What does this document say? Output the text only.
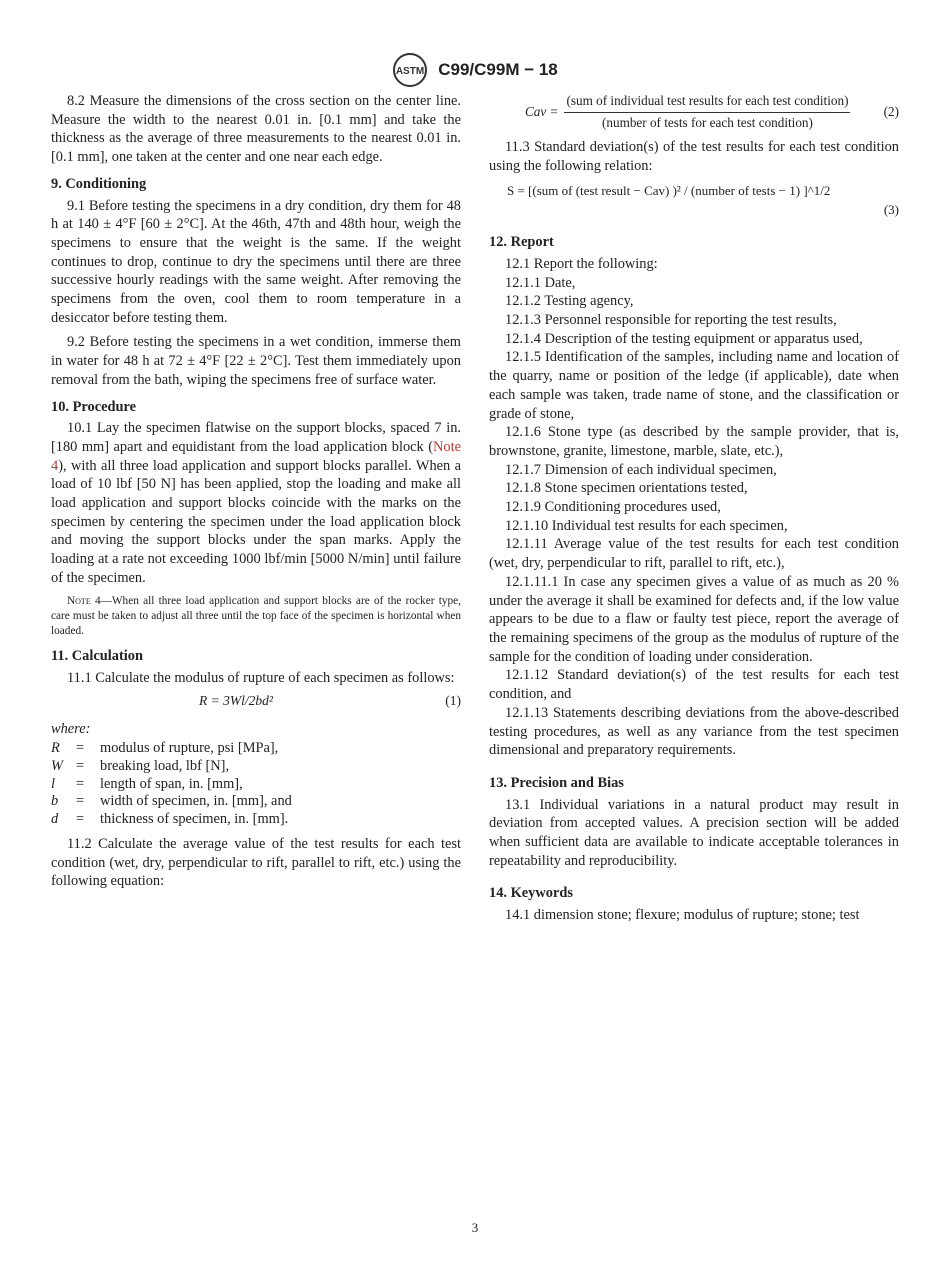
ASTM C99/C99M − 18

8.2 Measure the dimensions of the cross section on the center line. Measure the width to the nearest 0.01 in. [0.1 mm] and take the thickness as the average of three measurements to the nearest 0.01 in. [0.1 mm], one taken at the center and one near each edge.

9. Conditioning

9.1 Before testing the specimens in a dry condition, dry them for 48 h at 140 ± 4°F [60 ± 2°C]. At the 46th, 47th and 48th hour, weigh the specimens to ensure that the weight is the same. If the weight continues to drop, continue to dry the specimens until there are three successive hourly readings with the same weight. After removing the specimens from the oven, cool them to room temperature in a desiccator before testing them.

9.2 Before testing the specimens in a wet condition, immerse them in water for 48 h at 72 ± 4°F [22 ± 2°C]. Test them immediately upon removal from the bath, wiping the specimens free of surface water.

10. Procedure

10.1 Lay the specimen flatwise on the support blocks, spaced 7 in. [180 mm] apart and equidistant from the load application block (Note 4), with all three load application and support blocks parallel. When a load of 10 lbf [50 N] has been applied, stop the loading and make all load application and support blocks coincide with the marks on the specimen by centering the specimen under the load application block and moving the support blocks under the span marks. Apply the loading at a rate not exceeding 1000 lbf/min [5000 N/min] until failure of the specimen.

Note 4—When all three load application and support blocks are of the rocker type, care must be taken to adjust all three until the top face of the specimen is horizontal when loaded.
11. Calculation

11.1 Calculate the modulus of rupture of each specimen as follows:

R = 3Wl/2bd²	(1)
where:
R	=	modulus of rupture, psi [MPa],
W	=	breaking load, lbf [N],
l	=	length of span, in. [mm],
b	=	width of specimen, in. [mm], and
d	=	thickness of specimen, in. [mm].

11.2 Calculate the average value of the test results for each test condition (wet, dry, perpendicular to rift, parallel to rift, etc.) using the following equation:

Cav =
(sum of individual test results for each test condition)
(number of tests for each test condition)
(2)

11.3 Standard deviation(s) of the test results for each test condition using the following relation:

S = [(sum of (test result − Cav) )² / (number of tests − 1) ]^1/2
(3)
12. Report

12.1 Report the following:

12.1.1 Date,

12.1.2 Testing agency,

12.1.3 Personnel responsible for reporting the test results,

12.1.4 Description of the testing equipment or apparatus used,

12.1.5 Identification of the samples, including name and location of the quarry, name or position of the ledge (if applicable), date when each sample was taken, trade name of stone, and the classification or grade of stone,

12.1.6 Stone type (as described by the sample provider, that is, brownstone, granite, limestone, marble, slate, etc.),

12.1.7 Dimension of each individual specimen,

12.1.8 Stone specimen orientations tested,

12.1.9 Conditioning procedures used,

12.1.10 Individual test results for each specimen,

12.1.11 Average value of the test results for each test condition (wet, dry, perpendicular to rift, parallel to rift, etc.),

12.1.11.1 In case any specimen gives a value of as much as 20 % under the average it shall be examined for defects and, if the low value appears to be due to a flaw or faulty test piece, report the average of the remaining specimens of the group as the modulus of rupture of the sample for the condition of loading under consideration.

12.1.12 Standard deviation(s) of the test results for each test condition, and

12.1.13 Statements describing deviations from the above-described testing procedures, as well as any variance from the test specimen dimensional and preparatory requirements.

13. Precision and Bias

13.1 Individual variations in a natural product may result in deviation from accepted values. A precision section will be added when sufficient data are available to indicate acceptable tolerances in repeatability and reproducibility.

14. Keywords

14.1 dimension stone; flexure; modulus of rupture; stone; test

3
